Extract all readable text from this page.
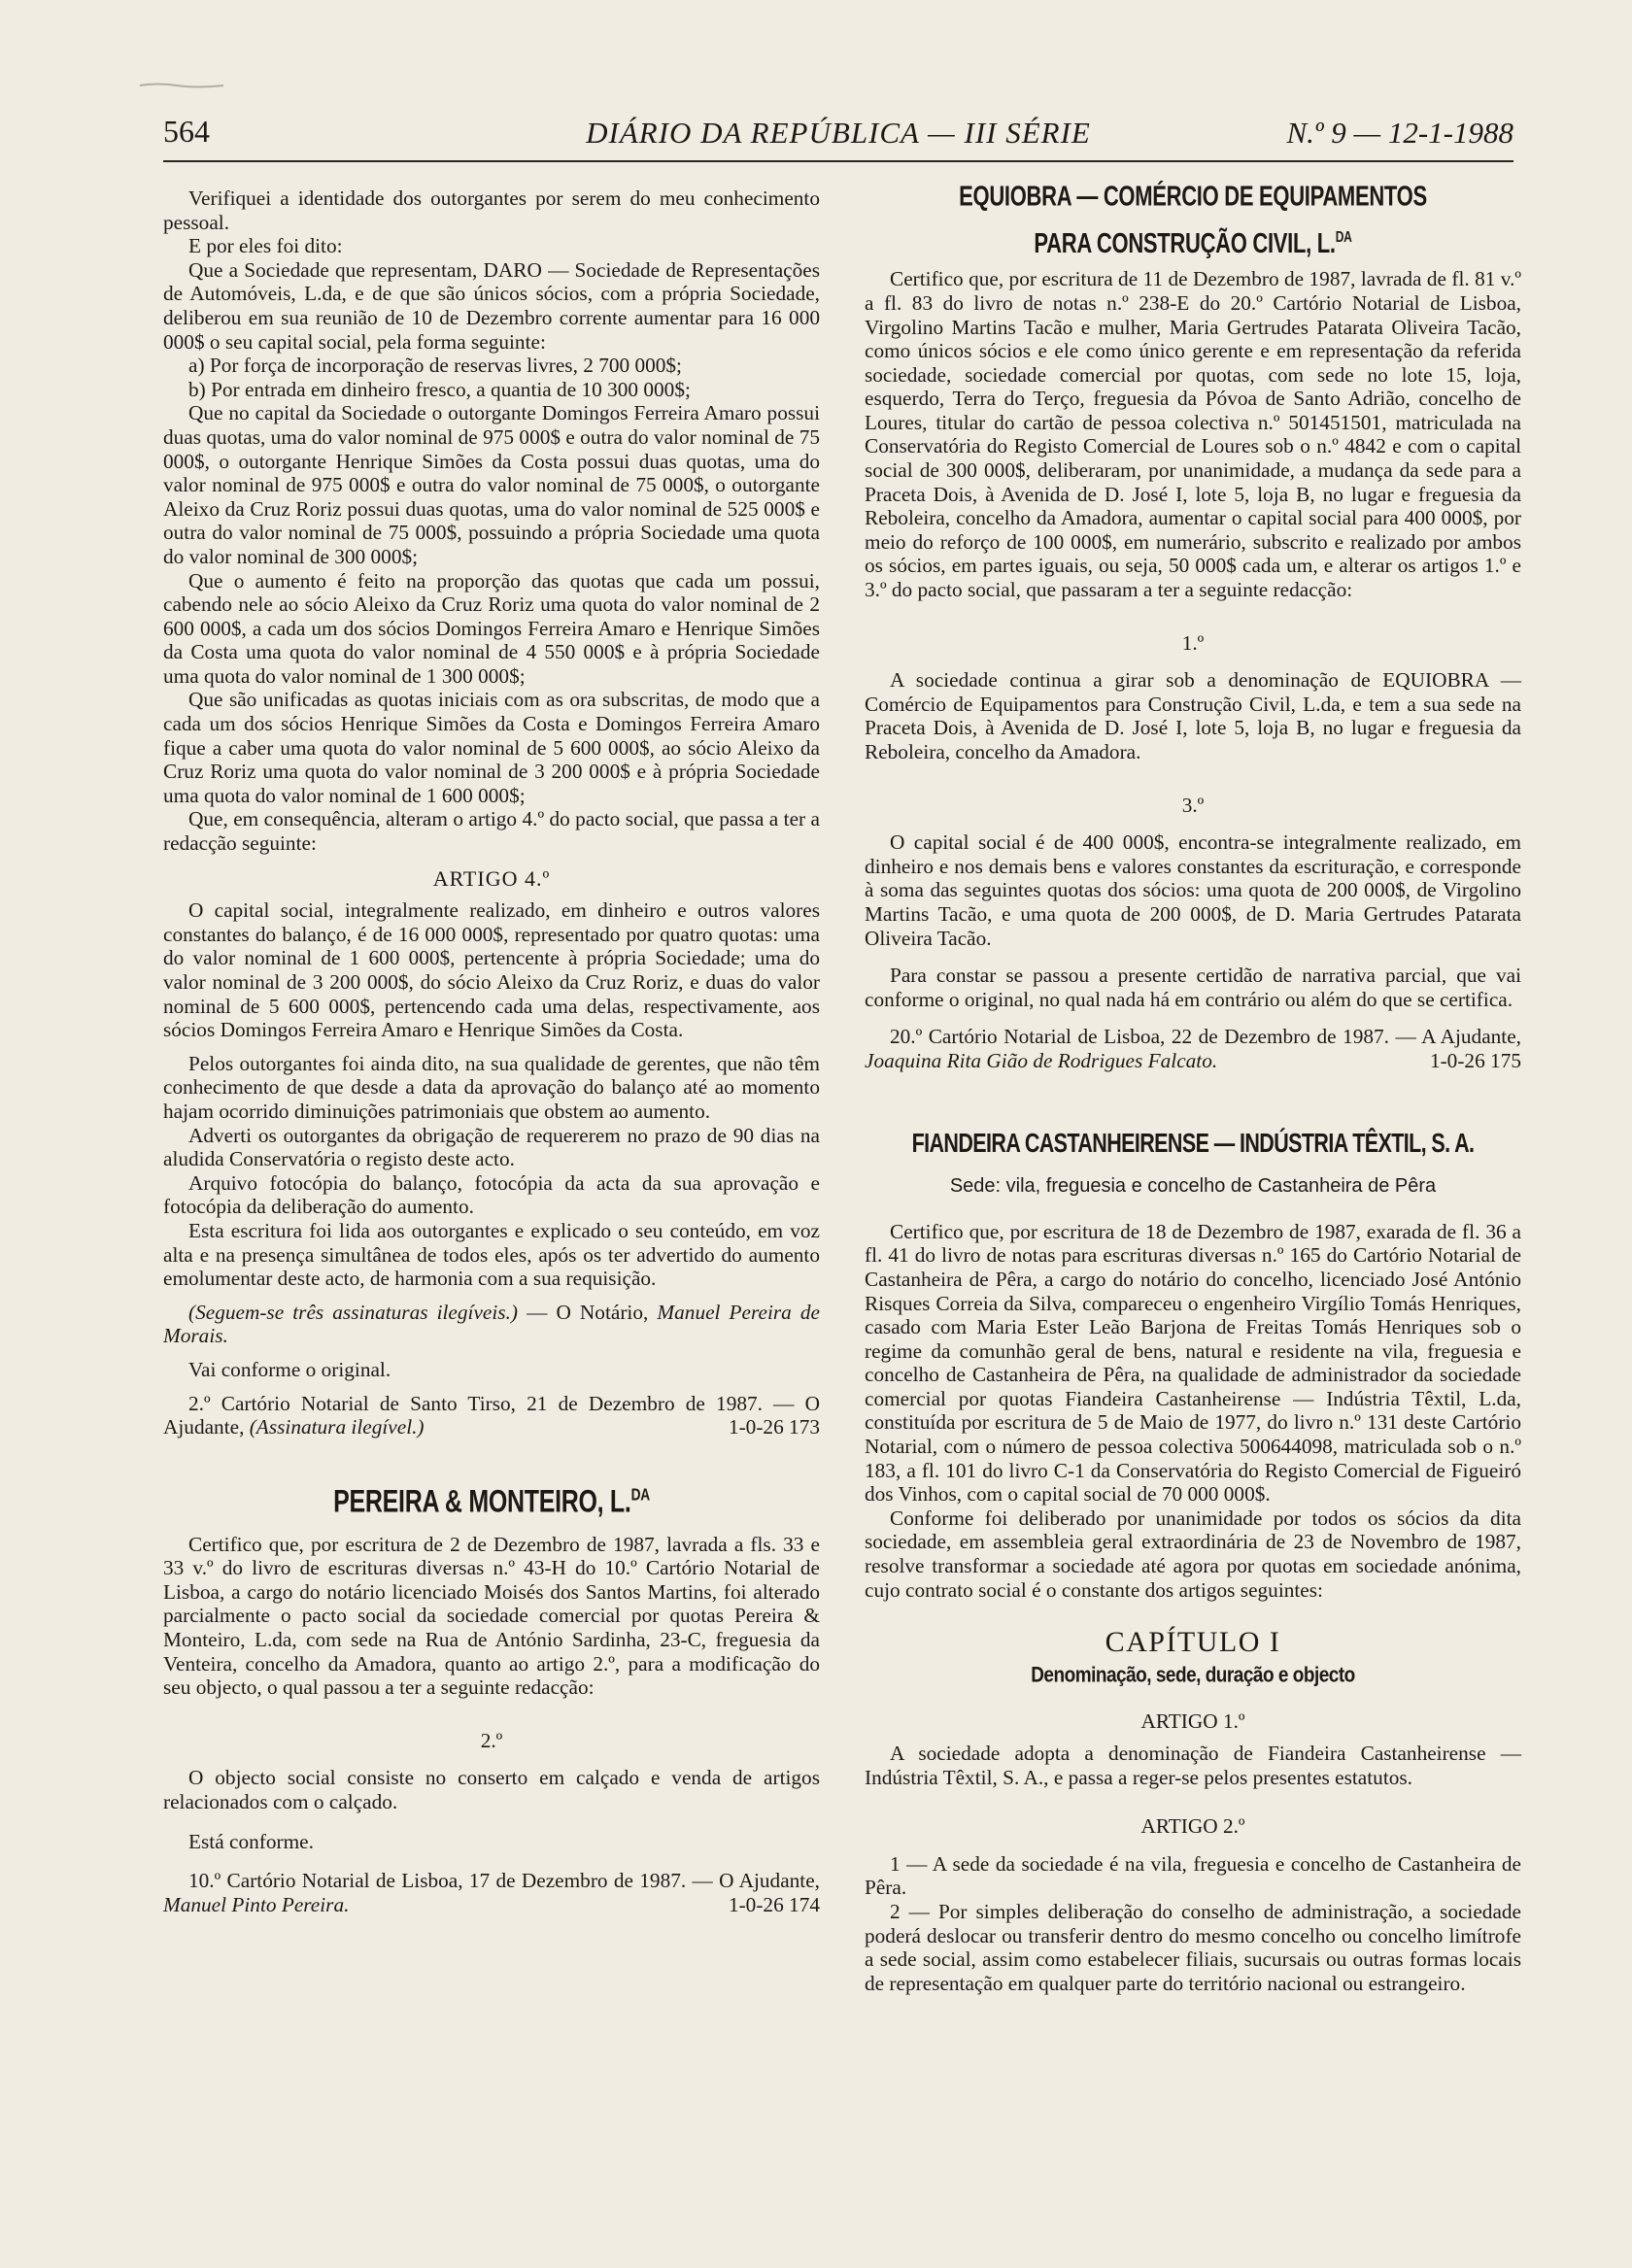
564	DIÁRIO DA REPÚBLICA — III SÉRIE	N.º 9 — 12-1-1988

Verifiquei a identidade dos outorgantes por serem do meu conhecimento pessoal.

E por eles foi dito:

Que a Sociedade que representam, DARO — Sociedade de Representações de Automóveis, L.da, e de que são únicos sócios, com a própria Sociedade, deliberou em sua reunião de 10 de Dezembro corrente aumentar para 16 000 000$ o seu capital social, pela forma seguinte:

a) Por força de incorporação de reservas livres, 2 700 000$;

b) Por entrada em dinheiro fresco, a quantia de 10 300 000$;

Que no capital da Sociedade o outorgante Domingos Ferreira Amaro possui duas quotas, uma do valor nominal de 975 000$ e outra do valor nominal de 75 000$, o outorgante Henrique Simões da Costa possui duas quotas, uma do valor nominal de 975 000$ e outra do valor nominal de 75 000$, o outorgante Aleixo da Cruz Roriz possui duas quotas, uma do valor nominal de 525 000$ e outra do valor nominal de 75 000$, possuindo a própria Sociedade uma quota do valor nominal de 300 000$;

Que o aumento é feito na proporção das quotas que cada um possui, cabendo nele ao sócio Aleixo da Cruz Roriz uma quota do valor nominal de 2 600 000$, a cada um dos sócios Domingos Ferreira Amaro e Henrique Simões da Costa uma quota do valor nominal de 4 550 000$ e à própria Sociedade uma quota do valor nominal de 1 300 000$;

Que são unificadas as quotas iniciais com as ora subscritas, de modo que a cada um dos sócios Henrique Simões da Costa e Domingos Ferreira Amaro fique a caber uma quota do valor nominal de 5 600 000$, ao sócio Aleixo da Cruz Roriz uma quota do valor nominal de 3 200 000$ e à própria Sociedade uma quota do valor nominal de 1 600 000$;

Que, em consequência, alteram o artigo 4.º do pacto social, que passa a ter a redacção seguinte:

ARTIGO 4.º

O capital social, integralmente realizado, em dinheiro e outros valores constantes do balanço, é de 16 000 000$, representado por quatro quotas: uma do valor nominal de 1 600 000$, pertencente à própria Sociedade; uma do valor nominal de 3 200 000$, do sócio Aleixo da Cruz Roriz, e duas do valor nominal de 5 600 000$, pertencendo cada uma delas, respectivamente, aos sócios Domingos Ferreira Amaro e Henrique Simões da Costa.

Pelos outorgantes foi ainda dito, na sua qualidade de gerentes, que não têm conhecimento de que desde a data da aprovação do balanço até ao momento hajam ocorrido diminuições patrimoniais que obstem ao aumento.

Adverti os outorgantes da obrigação de requererem no prazo de 90 dias na aludida Conservatória o registo deste acto.

Arquivo fotocópia do balanço, fotocópia da acta da sua aprovação e fotocópia da deliberação do aumento.

Esta escritura foi lida aos outorgantes e explicado o seu conteúdo, em voz alta e na presença simultânea de todos eles, após os ter advertido do aumento emolumentar deste acto, de harmonia com a sua requisição.

(Seguem-se três assinaturas ilegíveis.) — O Notário, Manuel Pereira de Morais.

Vai conforme o original.

2.º Cartório Notarial de Santo Tirso, 21 de Dezembro de 1987. — O Ajudante, (Assinatura ilegível.)	1-0-26 173

PEREIRA & MONTEIRO, L.$^{DA}$

Certifico que, por escritura de 2 de Dezembro de 1987, lavrada a fls. 33 e 33 v.º do livro de escrituras diversas n.º 43-H do 10.º Cartório Notarial de Lisboa, a cargo do notário licenciado Moisés dos Santos Martins, foi alterado parcialmente o pacto social da sociedade comercial por quotas Pereira & Monteiro, L.da, com sede na Rua de António Sardinha, 23-C, freguesia da Venteira, concelho da Amadora, quanto ao artigo 2.º, para a modificação do seu objecto, o qual passou a ter a seguinte redacção:

2.º

O objecto social consiste no conserto em calçado e venda de artigos relacionados com o calçado.

Está conforme.

10.º Cartório Notarial de Lisboa, 17 de Dezembro de 1987. — O Ajudante, Manuel Pinto Pereira.	1-0-26 174

EQUIOBRA — COMÉRCIO DE EQUIPAMENTOS
PARA CONSTRUÇÃO CIVIL, L.$^{DA}$

Certifico que, por escritura de 11 de Dezembro de 1987, lavrada de fl. 81 v.º a fl. 83 do livro de notas n.º 238-E do 20.º Cartório Notarial de Lisboa, Virgolino Martins Tacão e mulher, Maria Gertrudes Patarata Oliveira Tacão, como únicos sócios e ele como único gerente e em representação da referida sociedade, sociedade comercial por quotas, com sede no lote 15, loja, esquerdo, Terra do Terço, freguesia da Póvoa de Santo Adrião, concelho de Loures, titular do cartão de pessoa colectiva n.º 501451501, matriculada na Conservatória do Registo Comercial de Loures sob o n.º 4842 e com o capital social de 300 000$, deliberaram, por unanimidade, a mudança da sede para a Praceta Dois, à Avenida de D. José I, lote 5, loja B, no lugar e freguesia da Reboleira, concelho da Amadora, aumentar o capital social para 400 000$, por meio do reforço de 100 000$, em numerário, subscrito e realizado por ambos os sócios, em partes iguais, ou seja, 50 000$ cada um, e alterar os artigos 1.º e 3.º do pacto social, que passaram a ter a seguinte redacção:

1.º

A sociedade continua a girar sob a denominação de EQUIOBRA — Comércio de Equipamentos para Construção Civil, L.da, e tem a sua sede na Praceta Dois, à Avenida de D. José I, lote 5, loja B, no lugar e freguesia da Reboleira, concelho da Amadora.

3.º

O capital social é de 400 000$, encontra-se integralmente realizado, em dinheiro e nos demais bens e valores constantes da escrituração, e corresponde à soma das seguintes quotas dos sócios: uma quota de 200 000$, de Virgolino Martins Tacão, e uma quota de 200 000$, de D. Maria Gertrudes Patarata Oliveira Tacão.

Para constar se passou a presente certidão de narrativa parcial, que vai conforme o original, no qual nada há em contrário ou além do que se certifica.

20.º Cartório Notarial de Lisboa, 22 de Dezembro de 1987. — A Ajudante, Joaquina Rita Gião de Rodrigues Falcato.	1-0-26 175

FIANDEIRA CASTANHEIRENSE — INDÚSTRIA TÊXTIL, S. A.
Sede: vila, freguesia e concelho de Castanheira de Pêra

Certifico que, por escritura de 18 de Dezembro de 1987, exarada de fl. 36 a fl. 41 do livro de notas para escrituras diversas n.º 165 do Cartório Notarial de Castanheira de Pêra, a cargo do notário do concelho, licenciado José António Risques Correia da Silva, compareceu o engenheiro Virgílio Tomás Henriques, casado com Maria Ester Leão Barjona de Freitas Tomás Henriques sob o regime da comunhão geral de bens, natural e residente na vila, freguesia e concelho de Castanheira de Pêra, na qualidade de administrador da sociedade comercial por quotas Fiandeira Castanheirense — Indústria Têxtil, L.da, constituída por escritura de 5 de Maio de 1977, do livro n.º 131 deste Cartório Notarial, com o número de pessoa colectiva 500644098, matriculada sob o n.º 183, a fl. 101 do livro C-1 da Conservatória do Registo Comercial de Figueiró dos Vinhos, com o capital social de 70 000 000$.

Conforme foi deliberado por unanimidade por todos os sócios da dita sociedade, em assembleia geral extraordinária de 23 de Novembro de 1987, resolve transformar a sociedade até agora por quotas em sociedade anónima, cujo contrato social é o constante dos artigos seguintes:

CAPÍTULO I
Denominação, sede, duração e objecto
ARTIGO 1.º

A sociedade adopta a denominação de Fiandeira Castanheirense — Indústria Têxtil, S. A., e passa a reger-se pelos presentes estatutos.

ARTIGO 2.º

1 — A sede da sociedade é na vila, freguesia e concelho de Castanheira de Pêra.

2 — Por simples deliberação do conselho de administração, a sociedade poderá deslocar ou transferir dentro do mesmo concelho ou concelho limítrofe a sede social, assim como estabelecer filiais, sucursais ou outras formas locais de representação em qualquer parte do território nacional ou estrangeiro.
